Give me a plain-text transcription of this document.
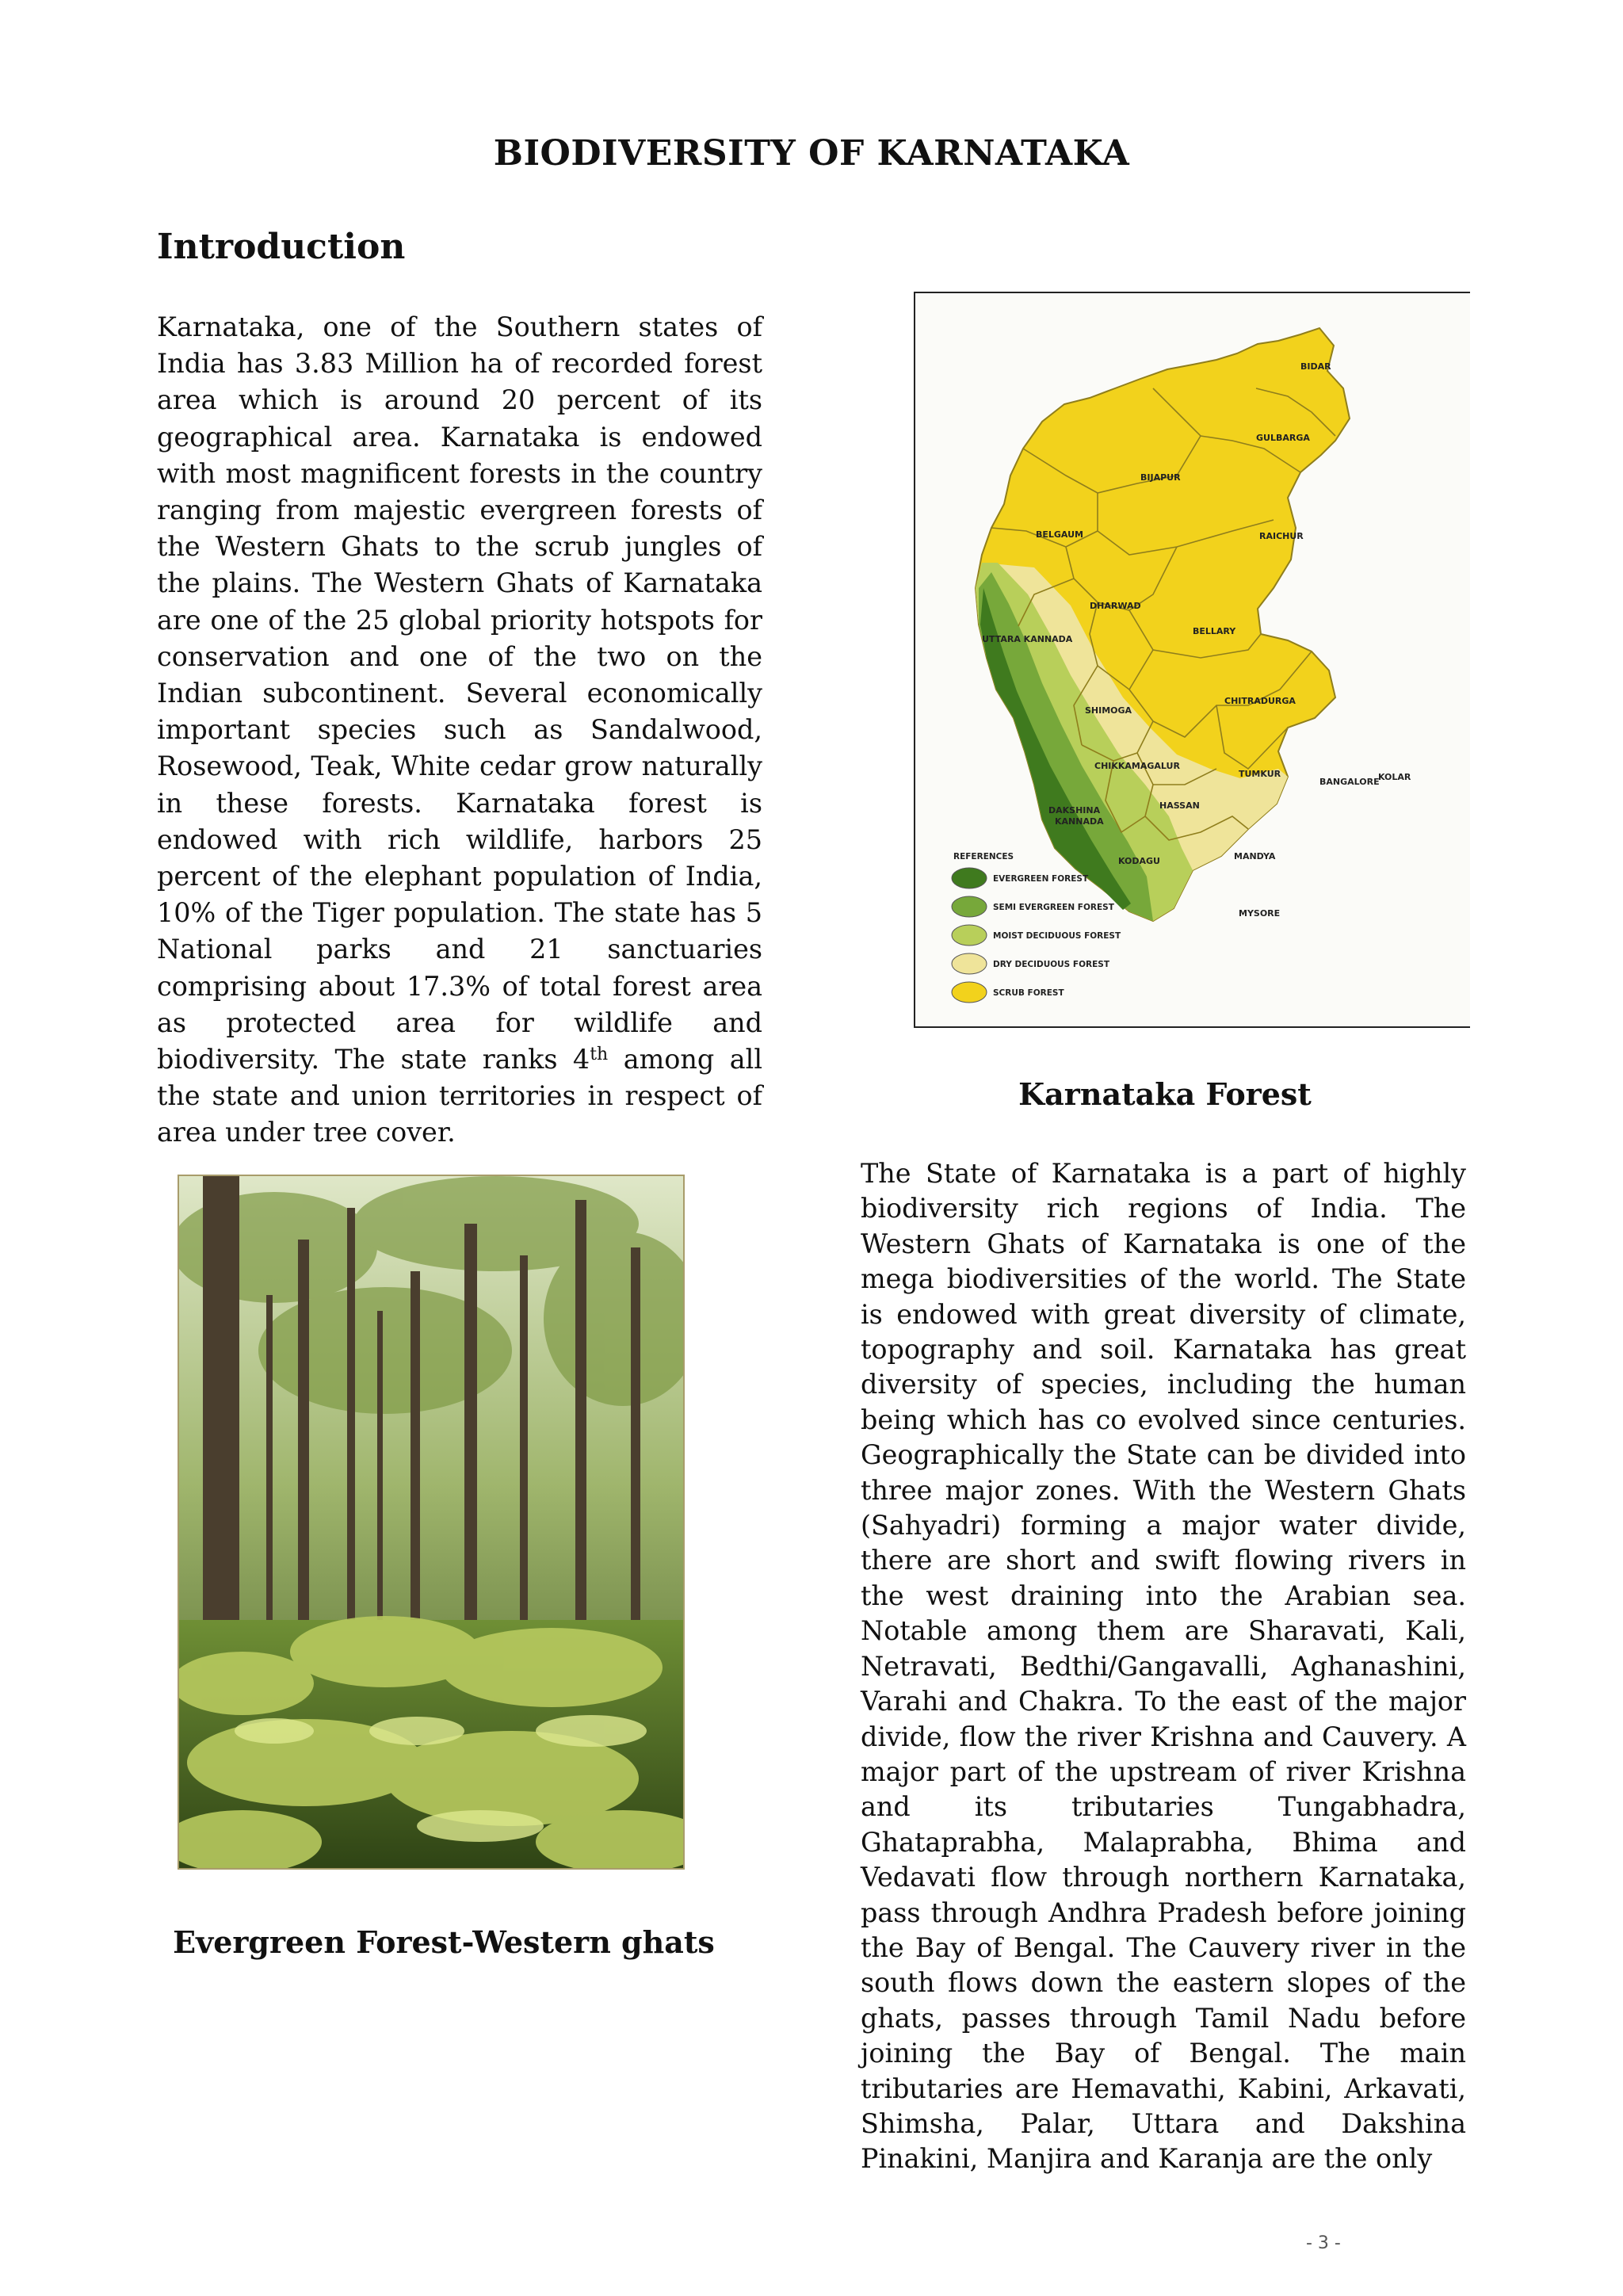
BIODIVERSITY OF KARNATAKA
Introduction

Karnataka, one of the Southern states of India has 3.83 Million ha of recorded forest area which is around 20 percent of its geographical area. Karnataka is endowed with most magnificent forests in the country ranging from majestic evergreen forests of the Western Ghats to the scrub jungles of the plains. The Western Ghats of Karnataka are one of the 25 global priority hotspots for conservation and one of the two on the Indian subcontinent. Several economically important species such as Sandalwood, Rosewood, Teak, White cedar grow naturally in these forests. Karnataka forest is endowed with rich wildlife, harbors 25 percent of the elephant population of India, 10% of the Tiger population. The state has 5 National parks and 21 sanctuaries comprising about 17.3% of total forest area as protected area for wildlife and biodiversity. The state ranks 4th among all the state and union territories in respect of area under tree cover.

BIDAR
GULBARGA
BIJAPUR
BELGAUM	RAICHUR
DHARWAD
UTTARA KANNADA
BELLARY
SHIMOGA
CHITRADURGA
CHIKKAMAGALUR
TUMKUR	KOLAR
HASSAN
DAKSHINA
KANNADA
BANGALORE
MANDYA
KODAGU
MYSORE
REFERENCES
EVERGREEN FOREST
SEMI EVERGREEN FOREST
MOIST DECIDUOUS FOREST
DRY DECIDUOUS FOREST
SCRUB FOREST

Karnataka Forest

Evergreen Forest-Western ghats

The State of Karnataka is a part of highly biodiversity rich regions of India. The Western Ghats of Karnataka is one of the mega biodiversities of the world. The State is endowed with great diversity of climate, topography and soil. Karnataka has great diversity of species, including the human being which has co evolved since centuries. Geographically the State can be divided into three major zones. With the Western Ghats (Sahyadri) forming a major water divide, there are short and swift flowing rivers in the west draining into the Arabian sea. Notable among them are Sharavati, Kali, Netravati, Bedthi/Gangavalli, Aghanashini, Varahi and Chakra. To the east of the major divide, flow the river Krishna and Cauvery. A major part of the upstream of river Krishna and its tributaries Tungabhadra, Ghataprabha, Malaprabha, Bhima and Vedavati flow through northern Karnataka, pass through Andhra Pradesh before joining the Bay of Bengal. The Cauvery river in the south flows down the eastern slopes of the ghats, passes through Tamil Nadu before joining the Bay of Bengal. The main tributaries are Hemavathi, Kabini, Arkavati, Shimsha, Palar, Uttara and Dakshina Pinakini, Manjira and Karanja are the only

- 3 -
